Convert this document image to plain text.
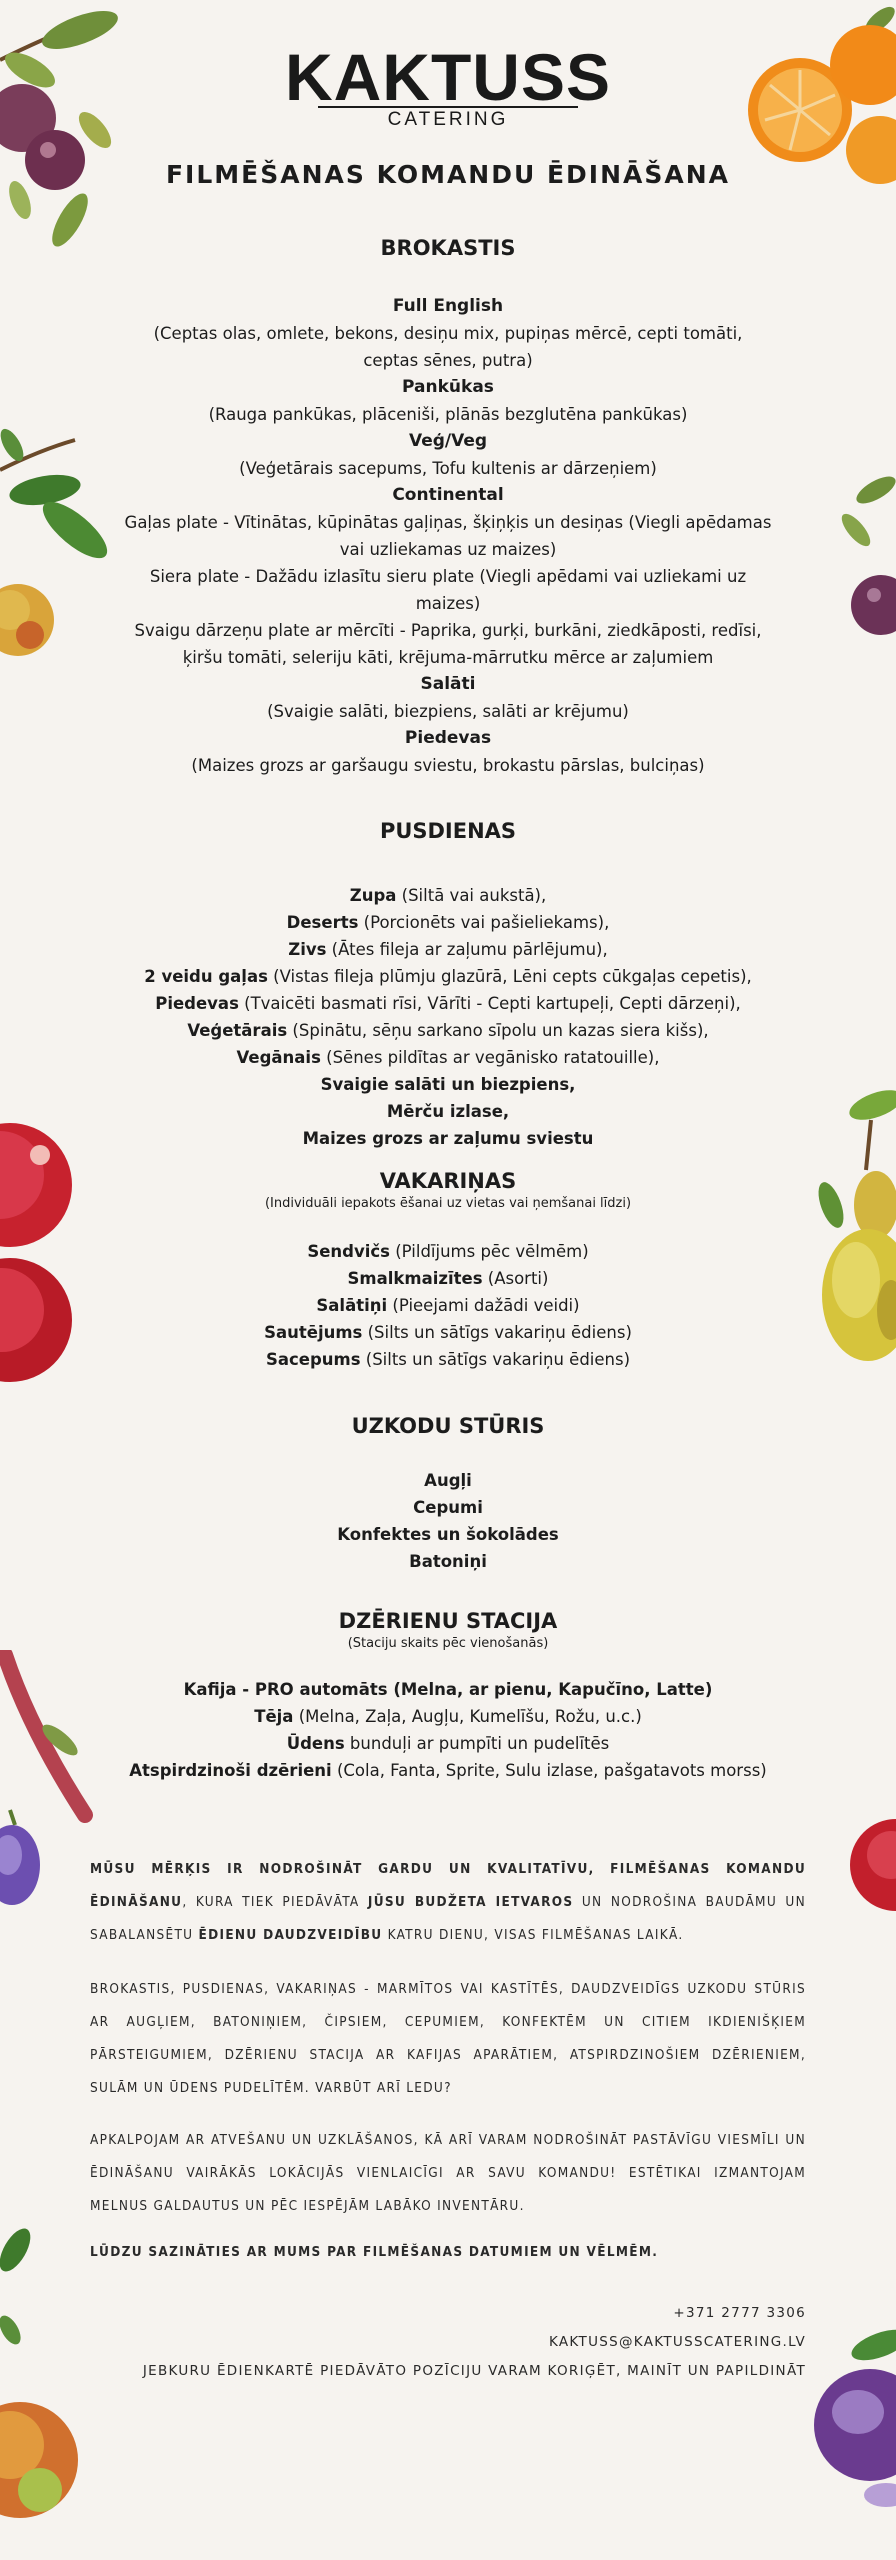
KAKTUSS
CATERING
FILMĒŠANAS KOMANDU ĒDINĀŠANA
BROKASTIS
Full English
(Ceptas olas, omlete, bekons, desiņu mix, pupiņas mērcē, cepti tomāti, ceptas sēnes, putra)
Pankūkas
(Rauga pankūkas, plāceniši, plānās bezglutēna pankūkas)
Veģ/Veg
(Veģetārais sacepums, Tofu kultenis ar dārzeņiem)
Continental
Gaļas plate - Vītinātas, kūpinātas gaļiņas, šķiņķis un desiņas (Viegli apēdamas vai uzliekamas uz maizes)
Siera plate - Dažādu izlasītu sieru plate (Viegli apēdami vai uzliekami uz maizes)
Svaigu dārzeņu plate ar mērcīti - Paprika, gurķi, burkāni, ziedkāposti, redīsi, ķiršu tomāti, seleriju kāti, krējuma-mārrutku mērce ar zaļumiem
Salāti
(Svaigie salāti, biezpiens, salāti ar krējumu)
Piedevas
(Maizes grozs ar garšaugu sviestu, brokastu pārslas, bulciņas)
PUSDIENAS
Zupa (Siltā vai aukstā),
Deserts (Porcionēts vai pašieliekams),
Zivs (Ātes fileja ar zaļumu pārlējumu),
2 veidu gaļas (Vistas fileja plūmju glazūrā, Lēni cepts cūkgaļas cepetis),
Piedevas (Tvaicēti basmati rīsi, Vārīti - Cepti kartupeļi, Cepti dārzeņi),
Veģetārais (Spinātu, sēņu sarkano sīpolu un kazas siera kišs),
Vegānais (Sēnes pildītas ar vegānisko ratatouille),
Svaigie salāti un biezpiens,
Mērču izlase,
Maizes grozs ar zaļumu sviestu
VAKARIŅAS
(Individuāli iepakots ēšanai uz vietas vai ņemšanai līdzi)
Sendvičs (Pildījums pēc vēlmēm)
Smalkmaizītes (Asorti)
Salātiņi (Pieejami dažādi veidi)
Sautējums (Silts un sātīgs vakariņu ēdiens)
Sacepums (Silts un sātīgs vakariņu ēdiens)
UZKODU STŪRIS
Augļi
Cepumi
Konfektes un šokolādes
Batoniņi
DZĒRIENU STACIJA
(Staciju skaits pēc vienošanās)
Kafija - PRO automāts (Melna, ar pienu, Kapučīno, Latte)
Tēja (Melna, Zaļa, Augļu, Kumelīšu, Rožu, u.c.)
Ūdens bunduļi ar pumpīti un pudelītēs
Atspirdzinoši dzērieni (Cola, Fanta, Sprite, Sulu izlase, pašgatavots morss)
MŪSU MĒRĶIS IR NODROŠINĀT GARDU UN KVALITATĪVU, FILMĒŠANAS KOMANDU ĒDINĀŠANU, KURA TIEK PIEDĀVĀTA JŪSU BUDŽETA IETVAROS UN NODROŠINA BAUDĀMU UN SABALANSĒTU ĒDIENU DAUDZVEIDĪBU KATRU DIENU, VISAS FILMĒŠANAS LAIKĀ.
BROKASTIS, PUSDIENAS, VAKARIŅAS - MARMĪTOS VAI KASTĪTĒS, DAUDZVEIDĪGS UZKODU STŪRIS AR AUGĻIEM, BATONIŅIEM, ČIPSIEM, CEPUMIEM, KONFEKTĒM UN CITIEM IKDIENIŠĶIEM PĀRSTEIGUMIEM, DZĒRIENU STACIJA AR KAFIJAS APARĀTIEM, ATSPIRDZINOŠIEM DZĒRIENIEM, SULĀM UN ŪDENS PUDELĪTĒM. VARBŪT ARĪ LEDU?
APKALPOJAM AR ATVEŠANU UN UZKLĀŠANOS, KĀ ARĪ VARAM NODROŠINĀT PASTĀVĪGU VIESMĪLI UN ĒDINĀŠANU VAIRĀKĀS LOKĀCIJĀS VIENLAICĪGI AR SAVU KOMANDU! ESTĒTIKAI IZMANTOJAM MELNUS GALDAUTUS UN PĒC IESPĒJĀM LABĀKO INVENTĀRU.
LŪDZU SAZINĀTIES AR MUMS PAR FILMĒŠANAS DATUMIEM UN VĒLMĒM.
+371 2777 3306
KAKTUSS@KAKTUSSCATERING.LV
JEBKURU ĒDIENKARTĒ PIEDĀVĀTO POZĪCIJU VARAM KORIĢĒT, MAINĪT UN PAPILDINĀT
